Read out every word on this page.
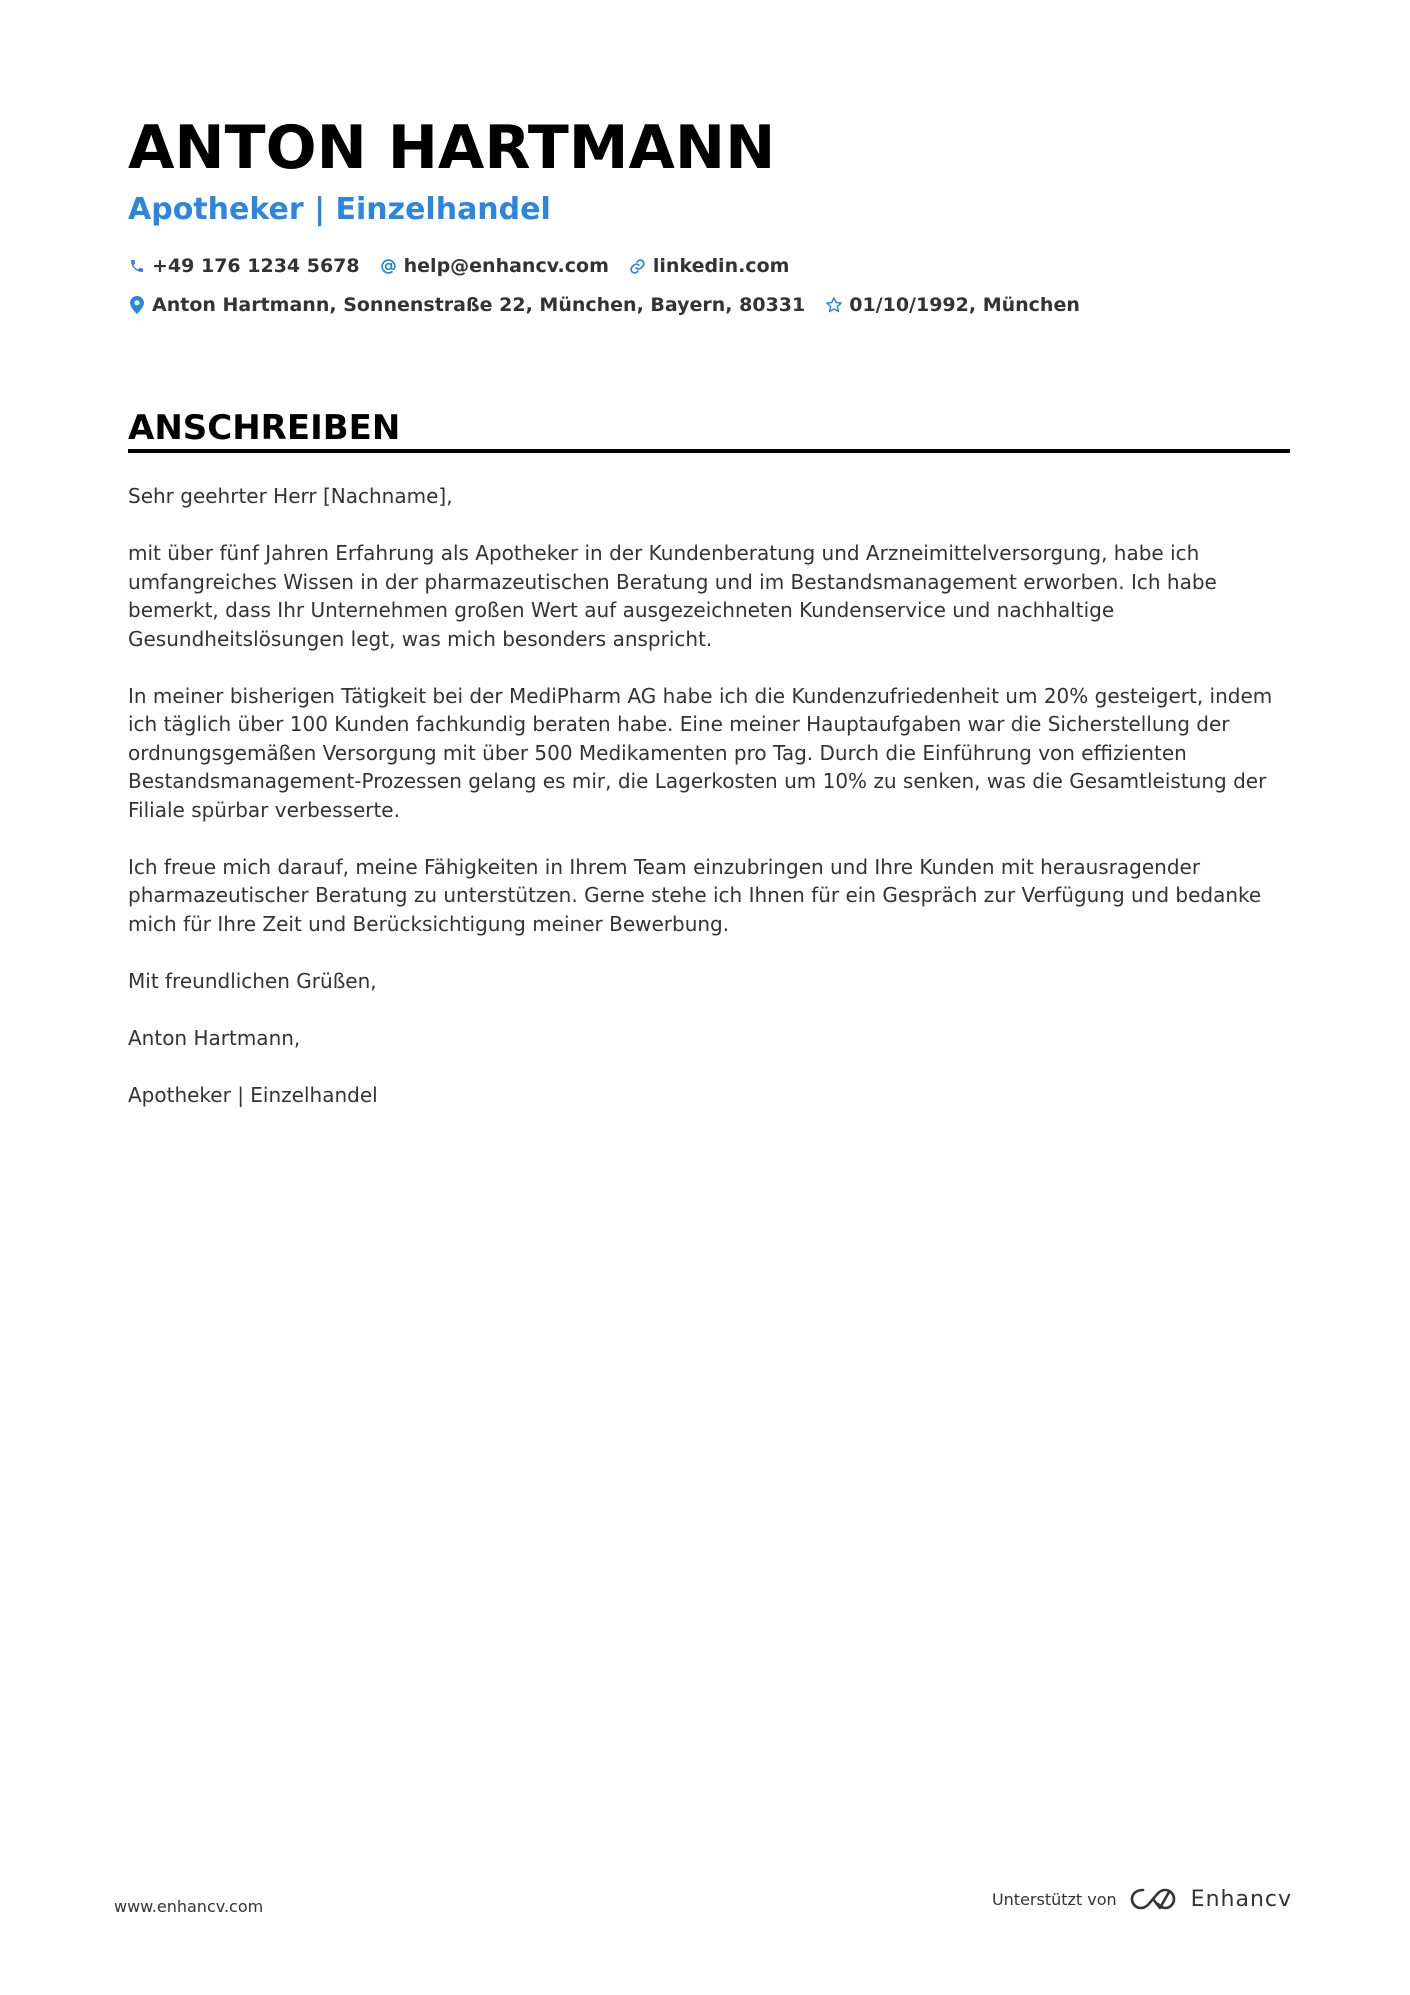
ANTON HARTMANN
Apotheker | Einzelhandel
+49 176 1234 5678 help@enhancv.com linkedin.com
Anton Hartmann, Sonnenstraße 22, München, Bayern, 80331 01/10/1992, München
ANSCHREIBEN

Sehr geehrter Herr [Nachname],

mit über fünf Jahren Erfahrung als Apotheker in der Kundenberatung und Arzneimittelversorgung, habe ich umfangreiches Wissen in der pharmazeutischen Beratung und im Bestandsmanagement erworben. Ich habe bemerkt, dass Ihr Unternehmen großen Wert auf ausgezeichneten Kundenservice und nachhaltige Gesundheitslösungen legt, was mich besonders anspricht.

In meiner bisherigen Tätigkeit bei der MediPharm AG habe ich die Kundenzufriedenheit um 20% gesteigert, indem ich täglich über 100 Kunden fachkundig beraten habe. Eine meiner Hauptaufgaben war die Sicherstellung der ordnungsgemäßen Versorgung mit über 500 Medikamenten pro Tag. Durch die Einführung von effizienten Bestandsmanagement-Prozessen gelang es mir, die Lagerkosten um 10% zu senken, was die Gesamtleistung der Filiale spürbar verbesserte.

Ich freue mich darauf, meine Fähigkeiten in Ihrem Team einzubringen und Ihre Kunden mit herausragender pharmazeutischer Beratung zu unterstützen. Gerne stehe ich Ihnen für ein Gespräch zur Verfügung und bedanke mich für Ihre Zeit und Berücksichtigung meiner Bewerbung.

Mit freundlichen Grüßen,

Anton Hartmann,

Apotheker | Einzelhandel

www.enhancv.com	Unterstützt von	Enhancv
